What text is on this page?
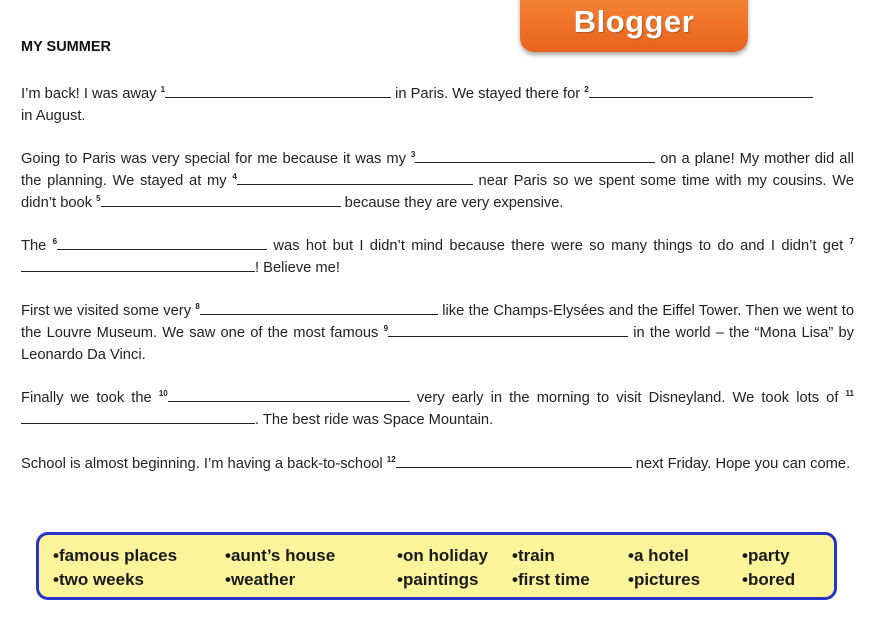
Blogger
MY SUMMER

I’m back! I was away $^1$	in Paris. We stayed there for $^2$
in August.

Going to Paris was very special for me because it was my $^3$	on a plane! My mother did all the planning. We stayed at my $^4$	near Paris so we spent some time with my cousins. We didn’t book $^5$	because they are very expensive.

The $^6$	was hot but I didn’t mind because there were so many things to do and I didn’t get $^7$! Believe me!

First we visited some very $^8$	like the Champs-Elysées and the Eiffel Tower. Then we went to the Louvre Museum. We saw one of the most famous $^9$	in the world – the “Mona Lisa” by Leonardo Da Vinci.

Finally we took the $^{10}$	very early in the morning to visit Disneyland. We took lots of $^{11}$. The best ride was Space Mountain.

School is almost beginning. I’m having a back-to-school $^{12}$	next Friday. Hope you can come.

•famous places	•aunt’s house	•on holiday •train	•a hotel	•party
•two weeks	•weather	•paintings •first time •pictures •bored
